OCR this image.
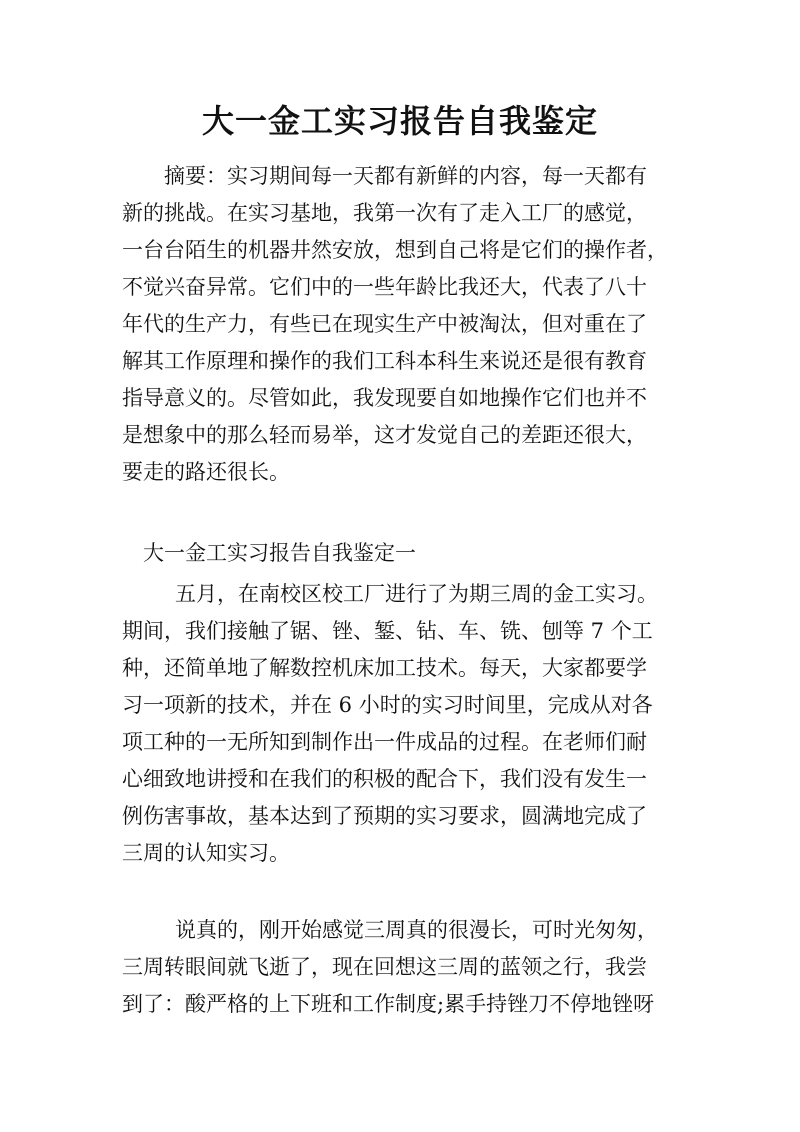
大一金工实习报告自我鉴定
摘要：实习期间每一天都有新鲜的内容，每一天都有
新的挑战。在实习基地，我第一次有了走入工厂的感觉，
一台台陌生的机器井然安放，想到自己将是它们的操作者，
不觉兴奋异常。它们中的一些年龄比我还大，代表了八十
年代的生产力，有些已在现实生产中被淘汰，但对重在了
解其工作原理和操作的我们工科本科生来说还是很有教育
指导意义的。尽管如此，我发现要自如地操作它们也并不
是想象中的那么轻而易举，这才发觉自己的差距还很大，
要走的路还很长。
大一金工实习报告自我鉴定一
五月，在南校区校工厂进行了为期三周的金工实习。
期间，我们接触了锯、锉、錾、钻、车、铣、刨等 7 个工
种，还简单地了解数控机床加工技术。每天，大家都要学
习一项新的技术，并在 6 小时的实习时间里，完成从对各
项工种的一无所知到制作出一件成品的过程。在老师们耐
心细致地讲授和在我们的积极的配合下，我们没有发生一
例伤害事故，基本达到了预期的实习要求，圆满地完成了
三周的认知实习。
说真的，刚开始感觉三周真的很漫长，可时光匆匆，
三周转眼间就飞逝了，现在回想这三周的蓝领之行，我尝
到了：酸严格的上下班和工作制度;累手持锉刀不停地锉呀
